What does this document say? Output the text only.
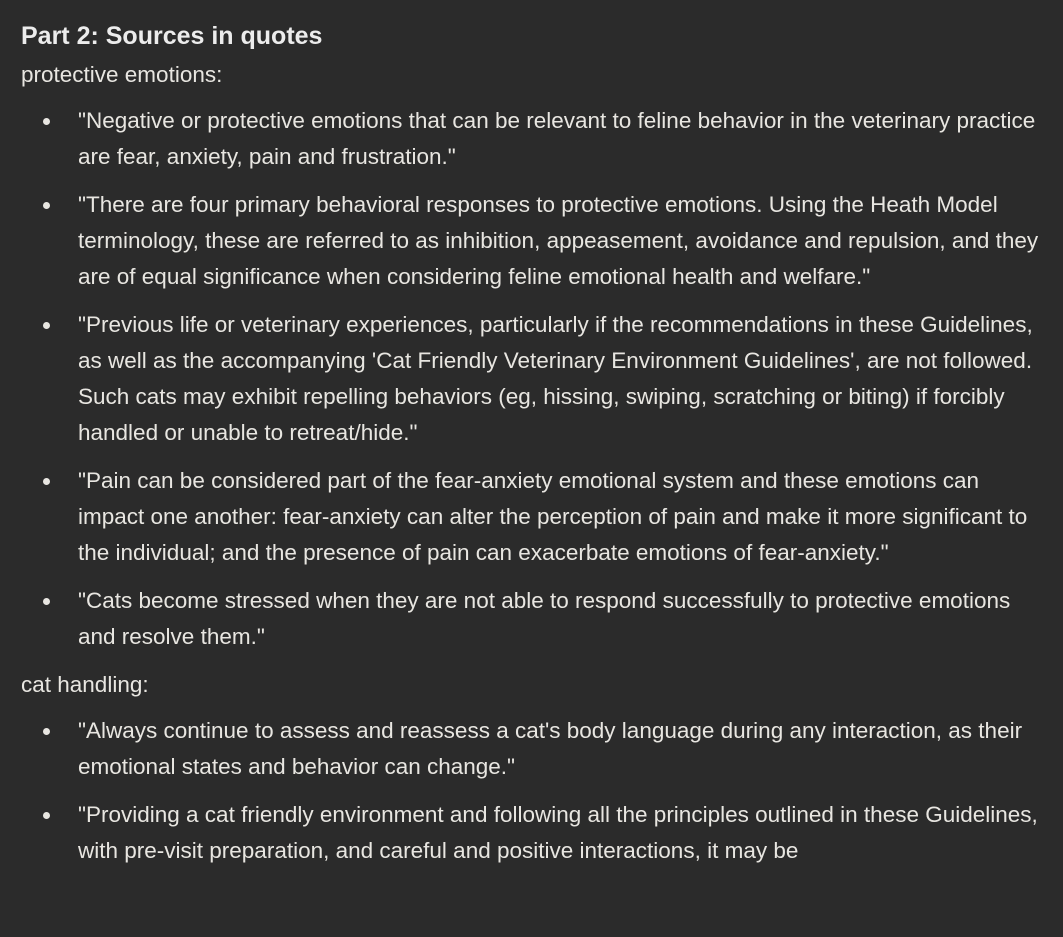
Part 2: Sources in quotes

protective emotions:

"Negative or protective emotions that can be relevant to feline behavior in the veterinary practice are fear, anxiety, pain and frustration."
"There are four primary behavioral responses to protective emotions. Using the Heath Model terminology, these are referred to as inhibition, appeasement, avoidance and repulsion, and they are of equal significance when considering feline emotional health and welfare."
"Previous life or veterinary experiences, particularly if the recommendations in these Guidelines, as well as the accompanying 'Cat Friendly Veterinary Environment Guidelines', are not followed. Such cats may exhibit repelling behaviors (eg, hissing, swiping, scratching or biting) if forcibly handled or unable to retreat/hide."
"Pain can be considered part of the fear-anxiety emotional system and these emotions can impact one another: fear-anxiety can alter the perception of pain and make it more significant to the individual; and the presence of pain can exacerbate emotions of fear-anxiety."
"Cats become stressed when they are not able to respond successfully to protective emotions and resolve them."

cat handling:

"Always continue to assess and reassess a cat's body language during any interaction, as their emotional states and behavior can change."
"Providing a cat friendly environment and following all the principles outlined in these Guidelines, with pre-visit preparation, and careful and positive interactions, it may be
